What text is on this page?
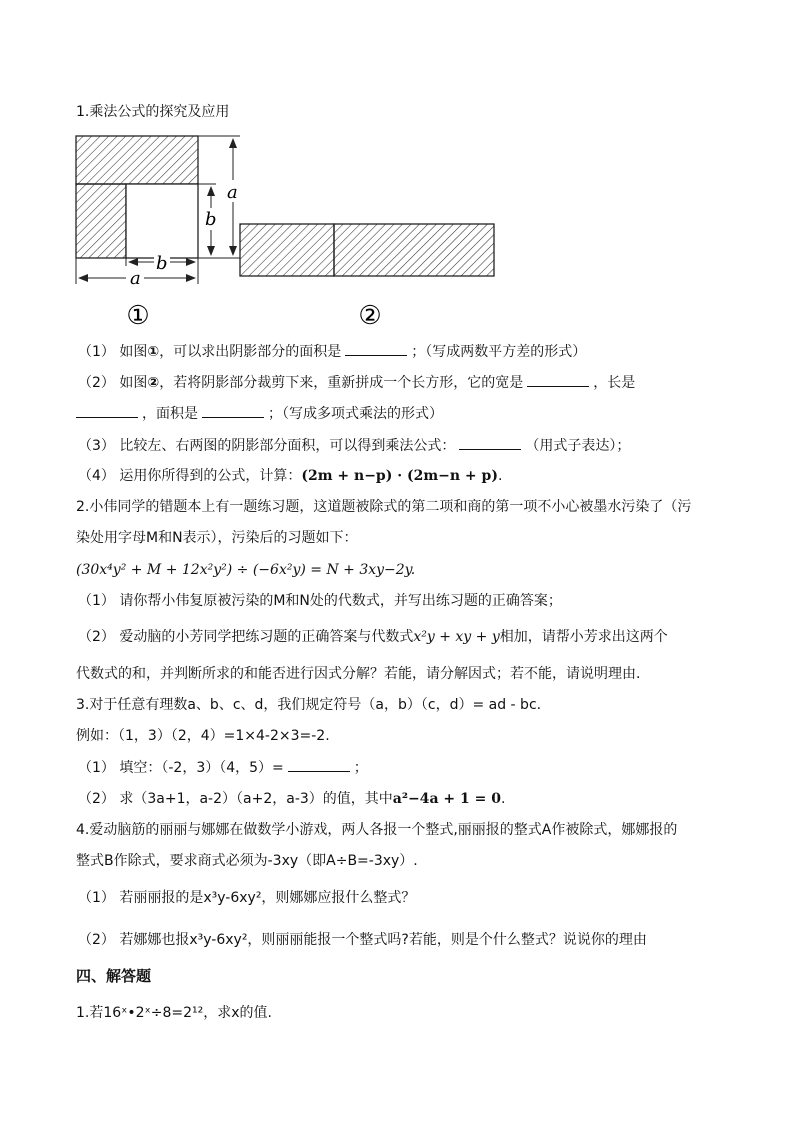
1.乘法公式的探究及应用
a
b
a
b
①	②
（1） 如图①，可以求出阴影部分的面积是	；（写成两数平方差的形式）
（2） 如图②，若将阴影部分裁剪下来，重新拼成一个长方形，它的宽是	，长是
，面积是	；（写成多项式乘法的形式）
（3） 比较左、右两图的阴影部分面积，可以得到乘法公式：	（用式子表达）；
（4） 运用你所得到的公式，计算：(2m + n−p) · (2m−n + p).
2.小伟同学的错题本上有一题练习题，这道题被除式的第二项和商的第一项不小心被墨水污染了（污
染处用字母M和N表示），污染后的习题如下：
(30x⁴y² + M + 12x²y²) ÷ (−6x²y) = N + 3xy−2y.
（1） 请你帮小伟复原被污染的M和N处的代数式，并写出练习题的正确答案；
（2） 爱动脑的小芳同学把练习题的正确答案与代数式x²y + xy + y相加，请帮小芳求出这两个
代数式的和，并判断所求的和能否进行因式分解？若能，请分解因式；若不能，请说明理由.
3.对于任意有理数a、b、c、d，我们规定符号（a，b）（c，d）= ad - bc.
例如：（1，3）（2，4）=1×4-2×3=-2.
（1） 填空：（-2，3）（4，5）=	；
（2） 求（3a+1，a-2）（a+2，a-3）的值，其中a²−4a + 1 = 0.
4.爱动脑筋的丽丽与娜娜在做数学小游戏，两人各报一个整式,丽丽报的整式A作被除式，娜娜报的
整式B作除式，要求商式必须为-3xy（即A÷B=-3xy）.
（1） 若丽丽报的是x³y-6xy²，则娜娜应报什么整式？
（2） 若娜娜也报x³y-6xy²，则丽丽能报一个整式吗?若能，则是个什么整式？说说你的理由
四、解答题
1.若16ˣ•2ˣ÷8=2¹²，求x的值.
